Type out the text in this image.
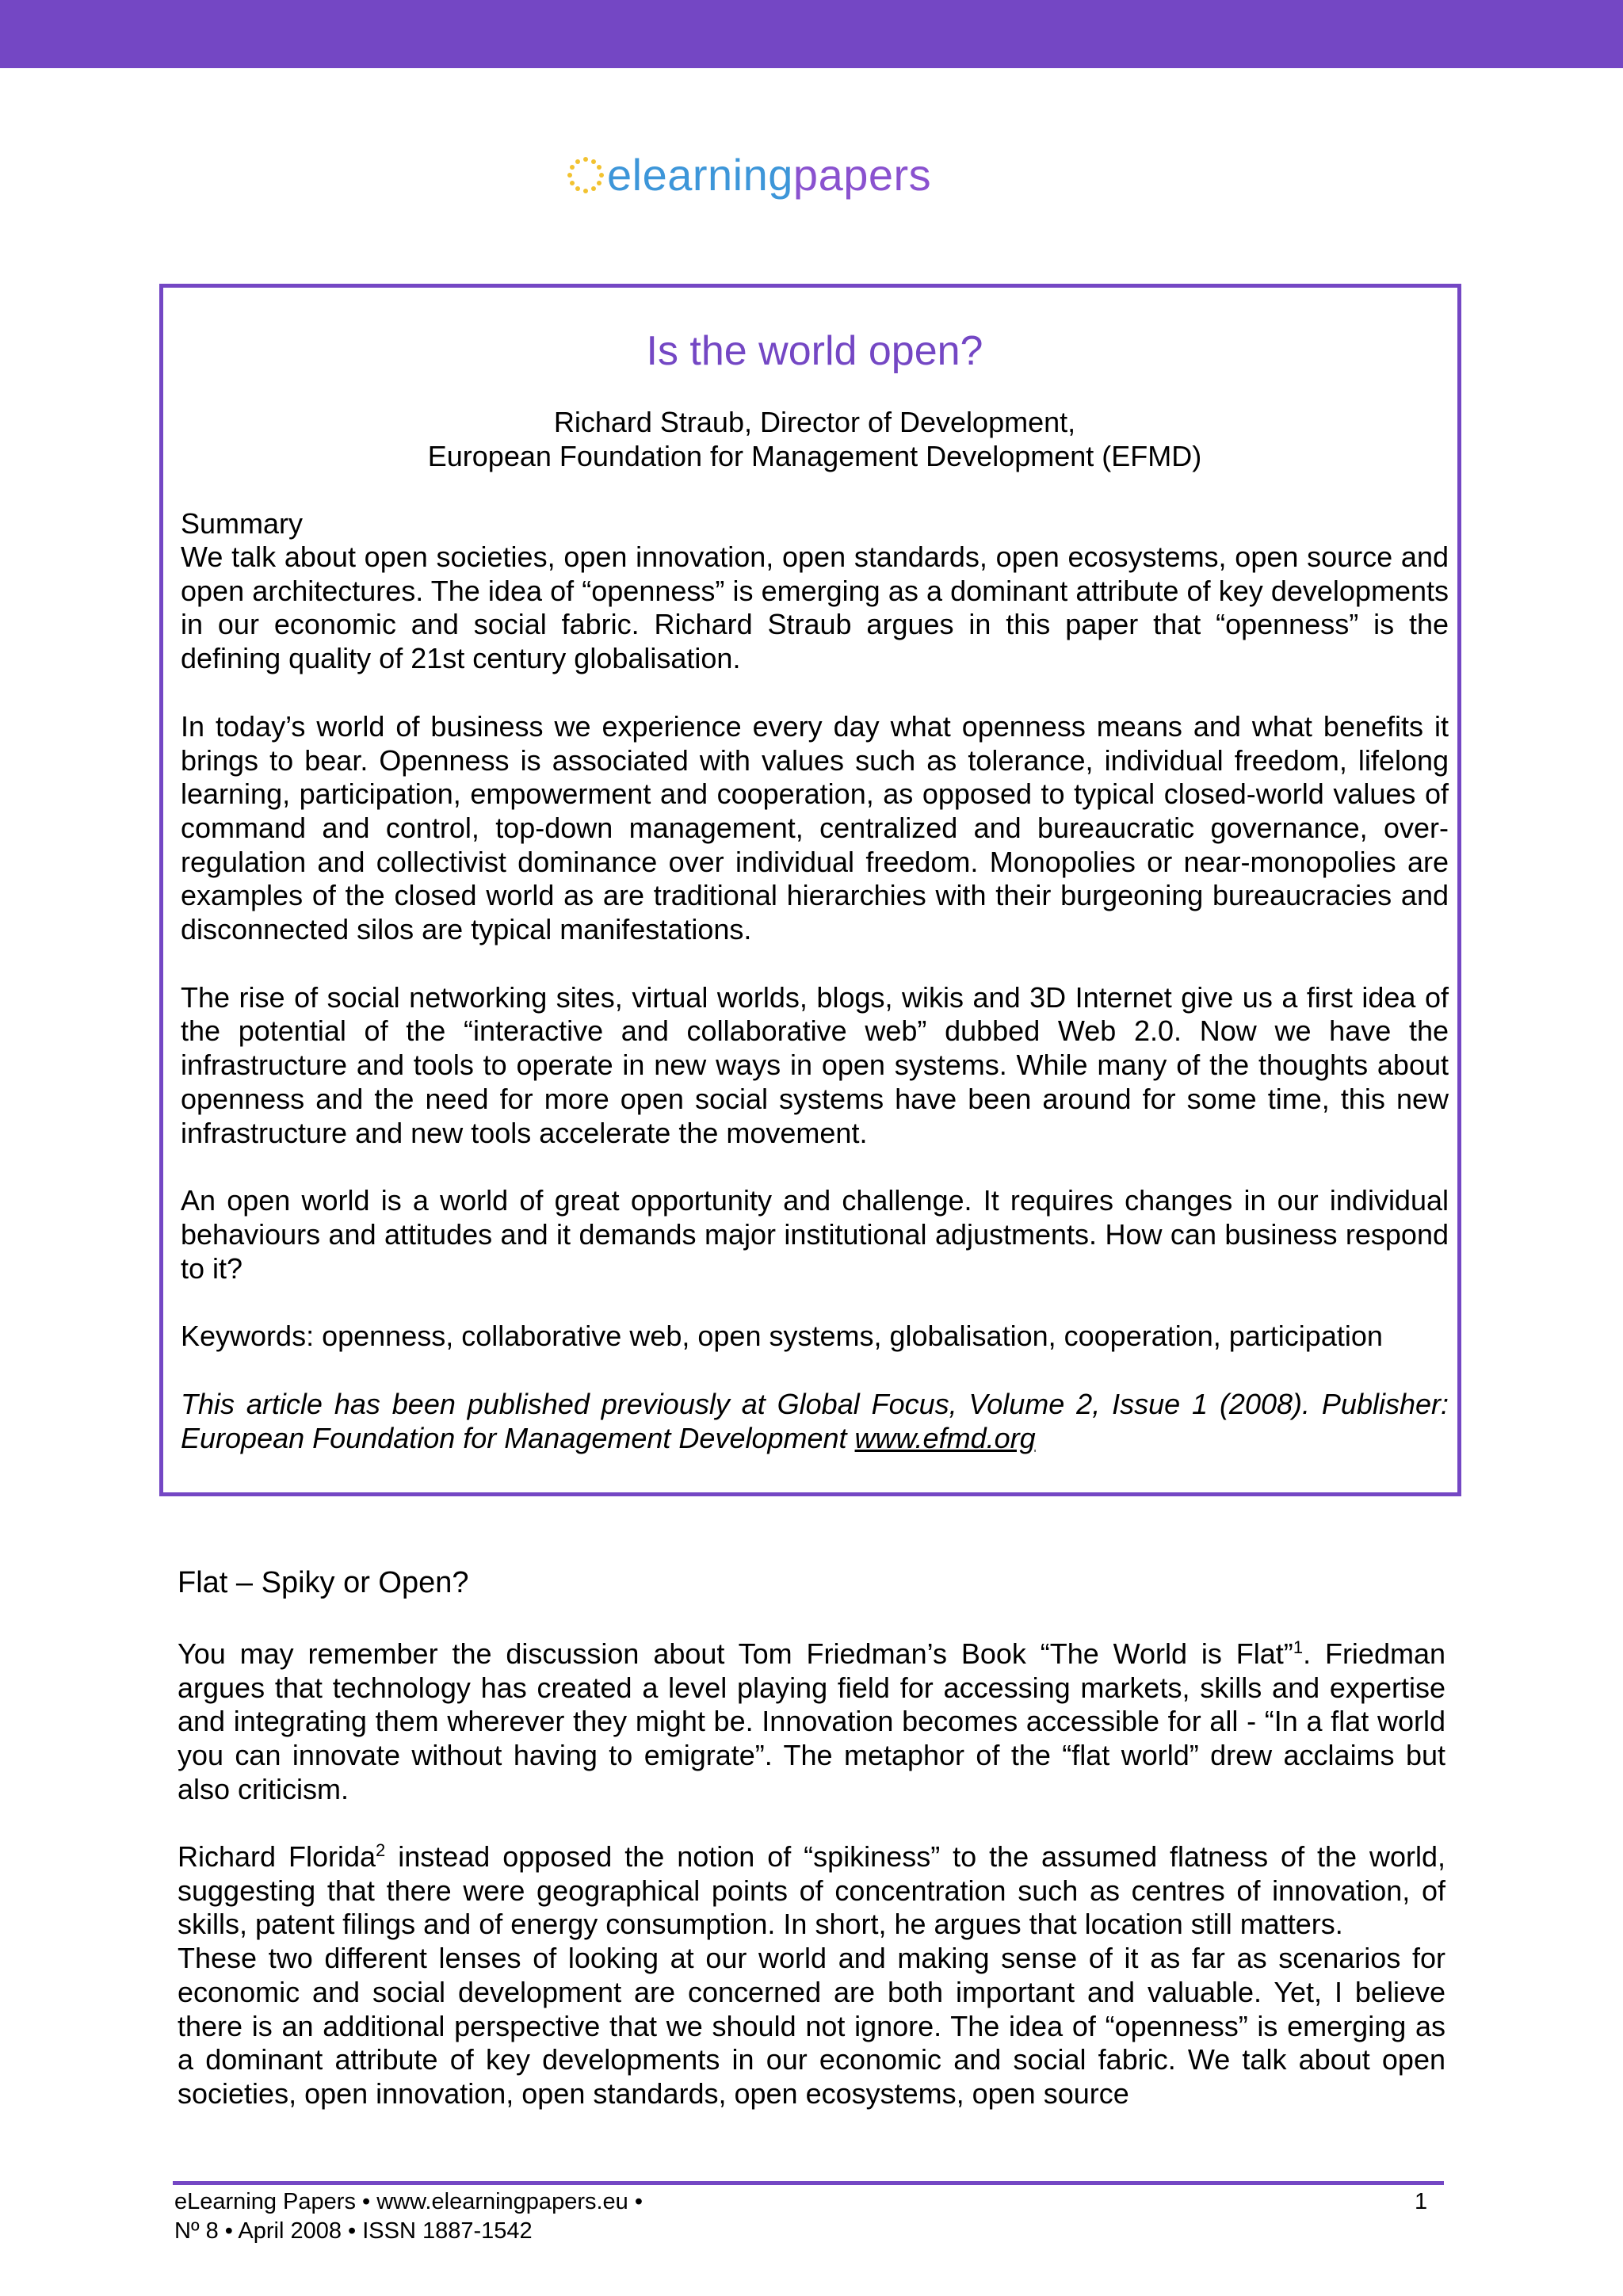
elearningpapers
Is the world open?

Richard Straub, Director of Development,
European Foundation for Management Development (EFMD)

Summary

We talk about open societies, open innovation, open standards, open ecosystems, open source and open architectures. The idea of “openness” is emerging as a dominant attribute of key developments in our economic and social fabric. Richard Straub argues in this paper that “openness” is the defining quality of 21st century globalisation.

In today’s world of business we experience every day what openness means and what benefits it brings to bear. Openness is associated with values such as tolerance, individual freedom, lifelong learning, participation, empowerment and cooperation, as opposed to typical closed-world values of command and control, top-down management, centralized and bureaucratic governance, over-regulation and collectivist dominance over individual freedom. Monopolies or near-monopolies are examples of the closed world as are traditional hierarchies with their burgeoning bureaucracies and disconnected silos are typical manifestations.

The rise of social networking sites, virtual worlds, blogs, wikis and 3D Internet give us a first idea of the potential of the “interactive and collaborative web” dubbed Web 2.0. Now we have the infrastructure and tools to operate in new ways in open systems. While many of the thoughts about openness and the need for more open social systems have been around for some time, this new infrastructure and new tools accelerate the movement.

An open world is a world of great opportunity and challenge. It requires changes in our individual behaviours and attitudes and it demands major institutional adjustments. How can business respond to it?

Keywords: openness, collaborative web, open systems, globalisation, cooperation, participation

This article has been published previously at Global Focus, Volume 2, Issue 1 (2008). Publisher: European Foundation for Management Development www.efmd.org

Flat – Spiky or Open?

You may remember the discussion about Tom Friedman’s Book “The World is Flat”$^1$. Friedman argues that technology has created a level playing field for accessing markets, skills and expertise and integrating them wherever they might be. Innovation becomes accessible for all - “In a flat world you can innovate without having to emigrate”. The metaphor of the “flat world” drew acclaims but also criticism.

Richard Florida$^2$ instead opposed the notion of “spikiness” to the assumed flatness of the world, suggesting that there were geographical points of concentration such as centres of innovation, of skills, patent filings and of energy consumption. In short, he argues that location still matters.

These two different lenses of looking at our world and making sense of it as far as scenarios for economic and social development are concerned are both important and valuable. Yet, I believe there is an additional perspective that we should not ignore. The idea of “openness” is emerging as a dominant attribute of key developments in our economic and social fabric. We talk about open societies, open innovation, open standards, open ecosystems, open source

eLearning Papers • www.elearningpapers.eu •
Nº 8 • April 2008 • ISSN 1887-1542
1
